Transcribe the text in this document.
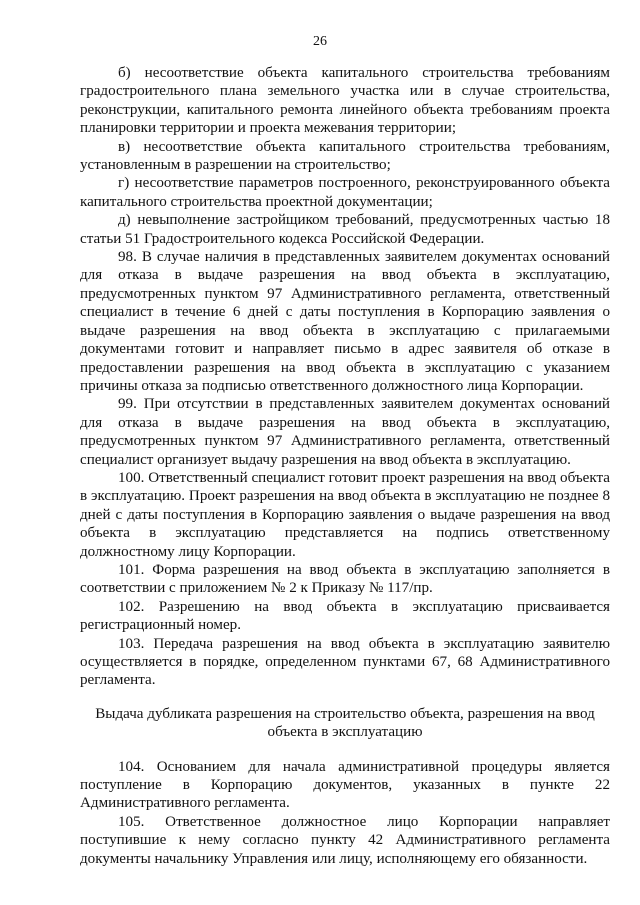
26

б) несоответствие объекта капитального строительства требованиям градостроительного плана земельного участка или в случае строительства, реконструкции, капитального ремонта линейного объекта требованиям проекта планировки территории и проекта межевания территории;

в) несоответствие объекта капитального строительства требованиям, установленным в разрешении на строительство;

г) несоответствие параметров построенного, реконструированного объекта капитального строительства проектной документации;

д) невыполнение застройщиком требований, предусмотренных частью 18 статьи 51 Градостроительного кодекса Российской Федерации.

98. В случае наличия в представленных заявителем документах оснований для отказа в выдаче разрешения на ввод объекта в эксплуатацию, предусмотренных пунктом 97 Административного регламента, ответственный специалист в течение 6 дней с даты поступления в Корпорацию заявления о выдаче разрешения на ввод объекта в эксплуатацию с прилагаемыми документами готовит и направляет письмо в адрес заявителя об отказе в предоставлении разрешения на ввод объекта в эксплуатацию с указанием причины отказа за подписью ответственного должностного лица Корпорации.

99. При отсутствии в представленных заявителем документах оснований для отказа в выдаче разрешения на ввод объекта в эксплуатацию, предусмотренных пунктом 97 Административного регламента, ответственный специалист организует выдачу разрешения на ввод объекта в эксплуатацию.

100. Ответственный специалист готовит проект разрешения на ввод объекта в эксплуатацию. Проект разрешения на ввод объекта в эксплуатацию не позднее 8 дней с даты поступления в Корпорацию заявления о выдаче разрешения на ввод объекта в эксплуатацию представляется на подпись ответственному должностному лицу Корпорации.

101. Форма разрешения на ввод объекта в эксплуатацию заполняется в соответствии с приложением № 2 к Приказу № 117/пр.

102. Разрешению на ввод объекта в эксплуатацию присваивается регистрационный номер.

103. Передача разрешения на ввод объекта в эксплуатацию заявителю осуществляется в порядке, определенном пунктами 67, 68 Административного регламента.

Выдача дубликата разрешения на строительство объекта, разрешения на ввод объекта в эксплуатацию

104. Основанием для начала административной процедуры является поступление в Корпорацию документов, указанных в пункте 22 Административного регламента.

105. Ответственное должностное лицо Корпорации направляет поступившие к нему согласно пункту 42 Административного регламента документы начальнику Управления или лицу, исполняющему его обязанности.
